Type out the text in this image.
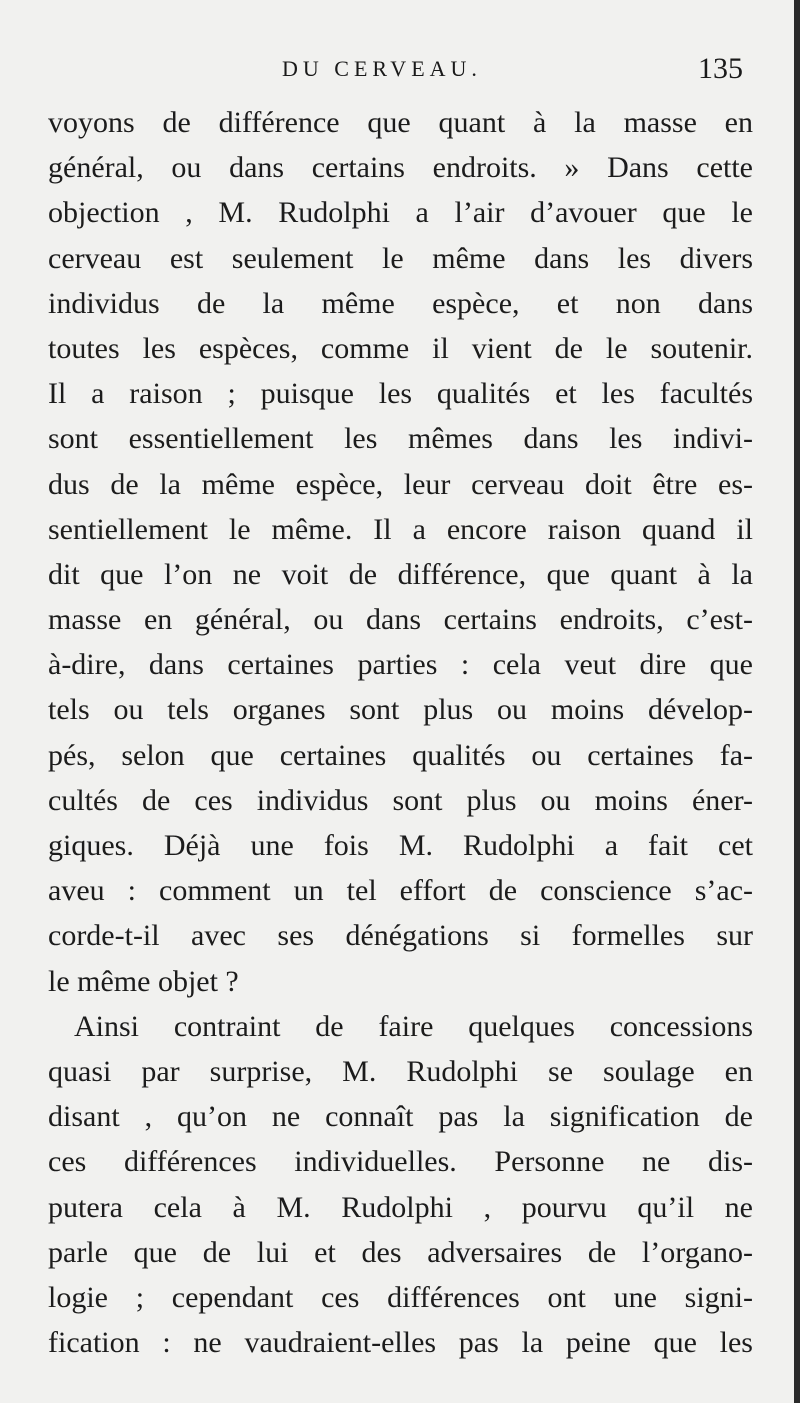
DU CERVEAU.	135
voyons de différence que quant à la masse en
général, ou dans certains endroits. » Dans cette
objection , M. Rudolphi a l’air d’avouer que le
cerveau est seulement le même dans les divers
individus de la même espèce, et non dans
toutes les espèces, comme il vient de le soutenir.
Il a raison ; puisque les qualités et les facultés
sont essentiellement les mêmes dans les indivi-
dus de la même espèce, leur cerveau doit être es-
sentiellement le même. Il a encore raison quand il
dit que l’on ne voit de différence, que quant à la
masse en général, ou dans certains endroits, c’est-
à-dire, dans certaines parties : cela veut dire que
tels ou tels organes sont plus ou moins dévelop-
pés, selon que certaines qualités ou certaines fa-
cultés de ces individus sont plus ou moins éner-
giques. Déjà une fois M. Rudolphi a fait cet
aveu : comment un tel effort de conscience s’ac-
corde-t-il avec ses dénégations si formelles sur
le même objet ?
Ainsi contraint de faire quelques concessions
quasi par surprise, M. Rudolphi se soulage en
disant , qu’on ne connaît pas la signification de
ces différences individuelles. Personne ne dis-
putera cela à M. Rudolphi , pourvu qu’il ne
parle que de lui et des adversaires de l’organo-
logie ; cependant ces différences ont une signi-
fication : ne vaudraient-elles pas la peine que les
